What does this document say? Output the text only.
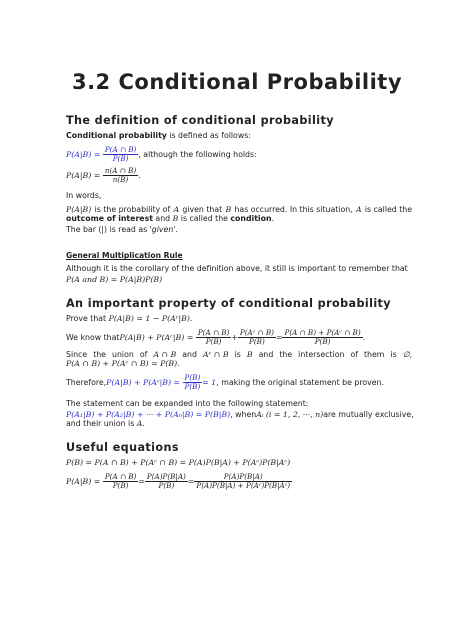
3.2 Conditional Probability
The definition of conditional probability
Conditional probability is defined as follows:
P(A|B) =
$\frac{P(A \cap B)}{P(B)}$ , although the following holds:
P(A|B) =
$\frac{n(A \cap B)}{n(B)}$ .
In words,
P(A|B) is the probability of A given that B has occurred. In this situation, A is called the
outcome of interest and B is called the condition.
The bar (|) is read as 'given'.
General Multiplication Rule
Although it is the corollary of the definition above, it still is important to remember that
P(A and B) = P(A|B)P(B)
An important property of conditional probability
Prove that P(A|B) = 1 − P(Aᶜ|B).
We know that P(A|B) + P(Aᶜ|B) =
$\frac{P(A \cap B)}{P(B)} + \frac{\text{P(Aᶜ ∩ B)}}{P(B)} = \frac{\text{P(A ∩ B) + P(Aᶜ ∩ B)}}{P(B)}$ .
Since the union of A ∩ B and Aᶜ ∩ B is B and the intersection of them is ∅,
P(A ∩ B) + P(Aᶜ ∩ B) = P(B).
Therefore, P(A|B) + P(Aᶜ|B) =
$\frac{P(B)}{P(B)} = 1$ , making the original statement be proven.
The statement can be expanded into the following statement:
P(A₁|B) + P(A₂|B) + ··· + P(Aₙ|B) = P(B|B) , when Aᵢ (i = 1, 2, ···, n) are mutually exclusive,
and their union is A.
Useful equations
P(B) = P(A ∩ B) + P(Aᶜ ∩ B) = P(A)P(B|A) + P(Aᶜ)P(B|Aᶜ)
P(A|B) =
$\frac{P(A \cap B)}{P(B)} = \frac{P(A)P(B|A)}{P(B)} = \frac{P(A)P(B|A)}{\text{P(A)P(B|A) + P(Aᶜ)P(B|Aᶜ)}}$
